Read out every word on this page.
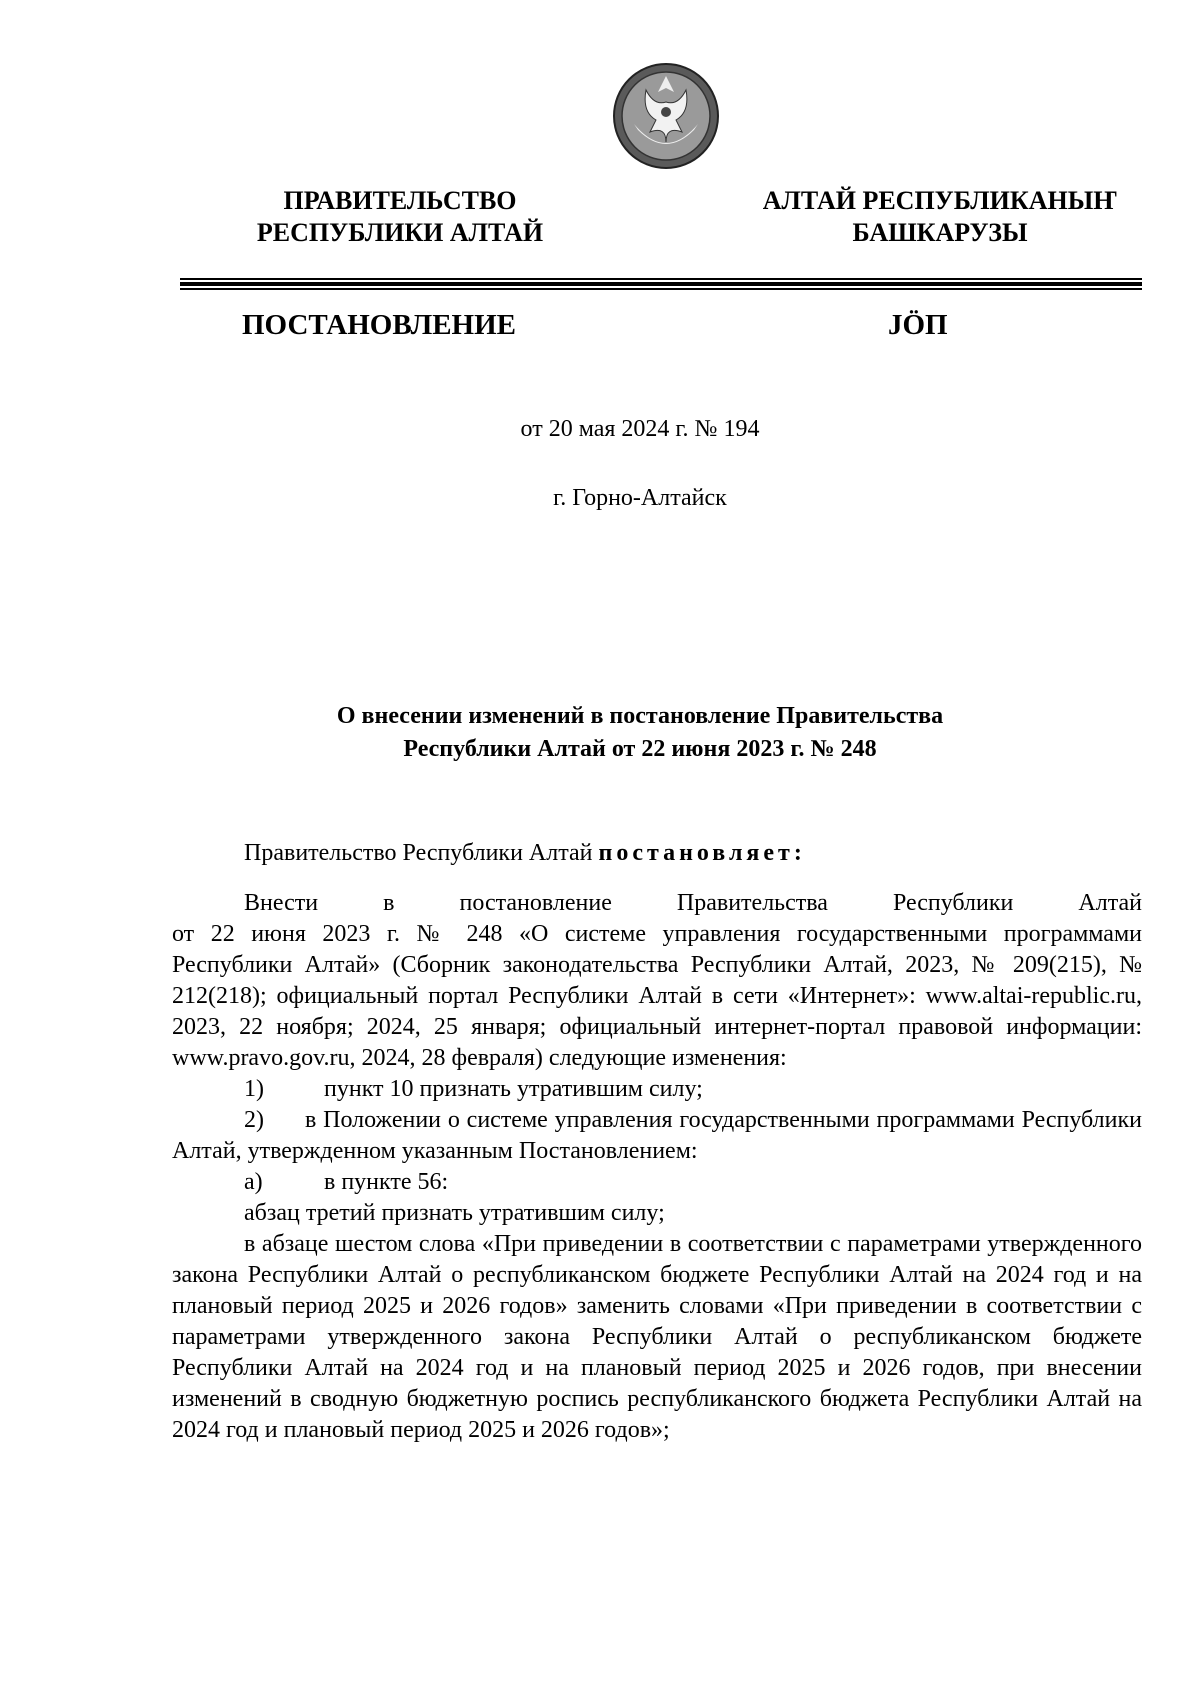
ПРАВИТЕЛЬСТВО
РЕСПУБЛИКИ АЛТАЙ
АЛТАЙ РЕСПУБЛИКАНЫҤ
БАШКАРУЗЫ
ПОСТАНОВЛЕНИЕ	JÖП
от 20 мая 2024 г. № 194
г. Горно-Алтайск
О внесении изменений в постановление Правительства
Республики Алтай от 22 июня 2023 г. № 248

Правительство Республики Алтай постановляет:

Внести в постановление Правительства Республики Алтай

от 22 июня 2023 г. № 248 «О системе управления государственными программами Республики Алтай» (Сборник законодательства Республики Алтай, 2023, № 209(215), № 212(218); официальный портал Республики Алтай в сети «Интернет»: www.altai-republic.ru, 2023, 22 ноября; 2024, 25 января; официальный интернет-портал правовой информации: www.pravo.gov.ru, 2024, 28 февраля) следующие изменения:

1)	пункт 10 признать утратившим силу;

2) в Положении о системе управления государственными программами Республики Алтай, утвержденном указанным Постановлением:

а)	в пункте 56:

абзац третий признать утратившим силу;

в абзаце шестом слова «При приведении в соответствии с параметрами утвержденного закона Республики Алтай о республиканском бюджете Республики Алтай на 2024 год и на плановый период 2025 и 2026 годов» заменить словами «При приведении в соответствии с параметрами утвержденного закона Республики Алтай о республиканском бюджете Республики Алтай на 2024 год и на плановый период 2025 и 2026 годов, при внесении изменений в сводную бюджетную роспись республиканского бюджета Республики Алтай на 2024 год и плановый период 2025 и 2026 годов»;
